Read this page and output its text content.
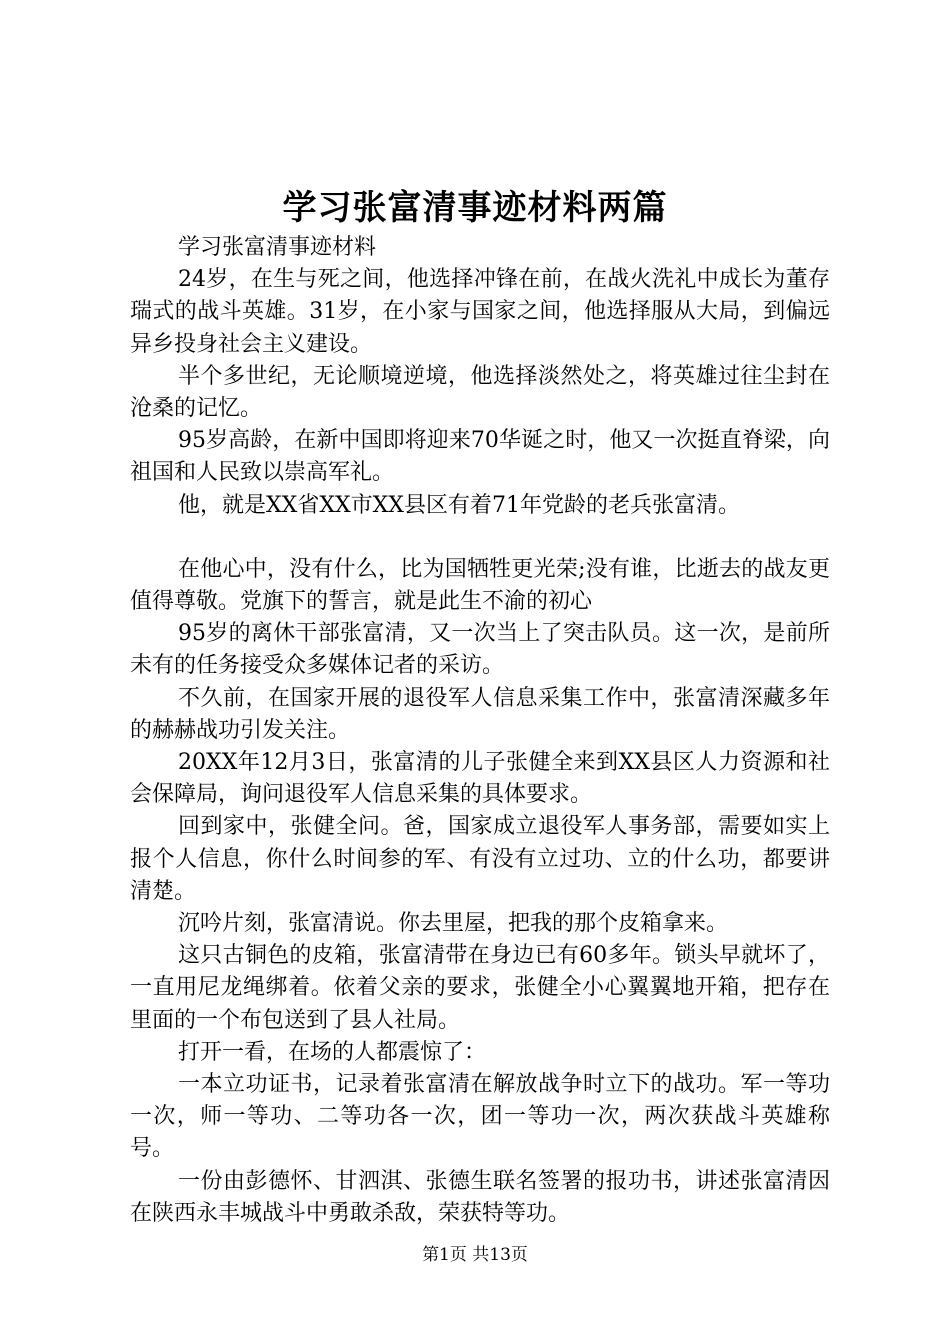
学习张富清事迹材料两篇

学习张富清事迹材料

24岁，在生与死之间，他选择冲锋在前，在战火洗礼中成长为董存瑞式的战斗英雄。31岁，在小家与国家之间，他选择服从大局，到偏远异乡投身社会主义建设。

半个多世纪，无论顺境逆境，他选择淡然处之，将英雄过往尘封在沧桑的记忆。

95岁高龄，在新中国即将迎来70华诞之时，他又一次挺直脊梁，向祖国和人民致以崇高军礼。

他，就是XX省XX市XX县区有着71年党龄的老兵张富清。

在他心中，没有什么，比为国牺牲更光荣;没有谁，比逝去的战友更值得尊敬。党旗下的誓言，就是此生不渝的初心

95岁的离休干部张富清，又一次当上了突击队员。这一次，是前所未有的任务接受众多媒体记者的采访。

不久前，在国家开展的退役军人信息采集工作中，张富清深藏多年的赫赫战功引发关注。

20XX年12月3日，张富清的儿子张健全来到XX县区人力资源和社会保障局，询问退役军人信息采集的具体要求。

回到家中，张健全问。爸，国家成立退役军人事务部，需要如实上报个人信息，你什么时间参的军、有没有立过功、立的什么功，都要讲清楚。

沉吟片刻，张富清说。你去里屋，把我的那个皮箱拿来。

这只古铜色的皮箱，张富清带在身边已有60多年。锁头早就坏了，一直用尼龙绳绑着。依着父亲的要求，张健全小心翼翼地开箱，把存在里面的一个布包送到了县人社局。

打开一看，在场的人都震惊了：

一本立功证书，记录着张富清在解放战争时立下的战功。军一等功一次，师一等功、二等功各一次，团一等功一次，两次获战斗英雄称号。

一份由彭德怀、甘泗淇、张德生联名签署的报功书，讲述张富清因在陕西永丰城战斗中勇敢杀敌，荣获特等功。

第1页 共13页
